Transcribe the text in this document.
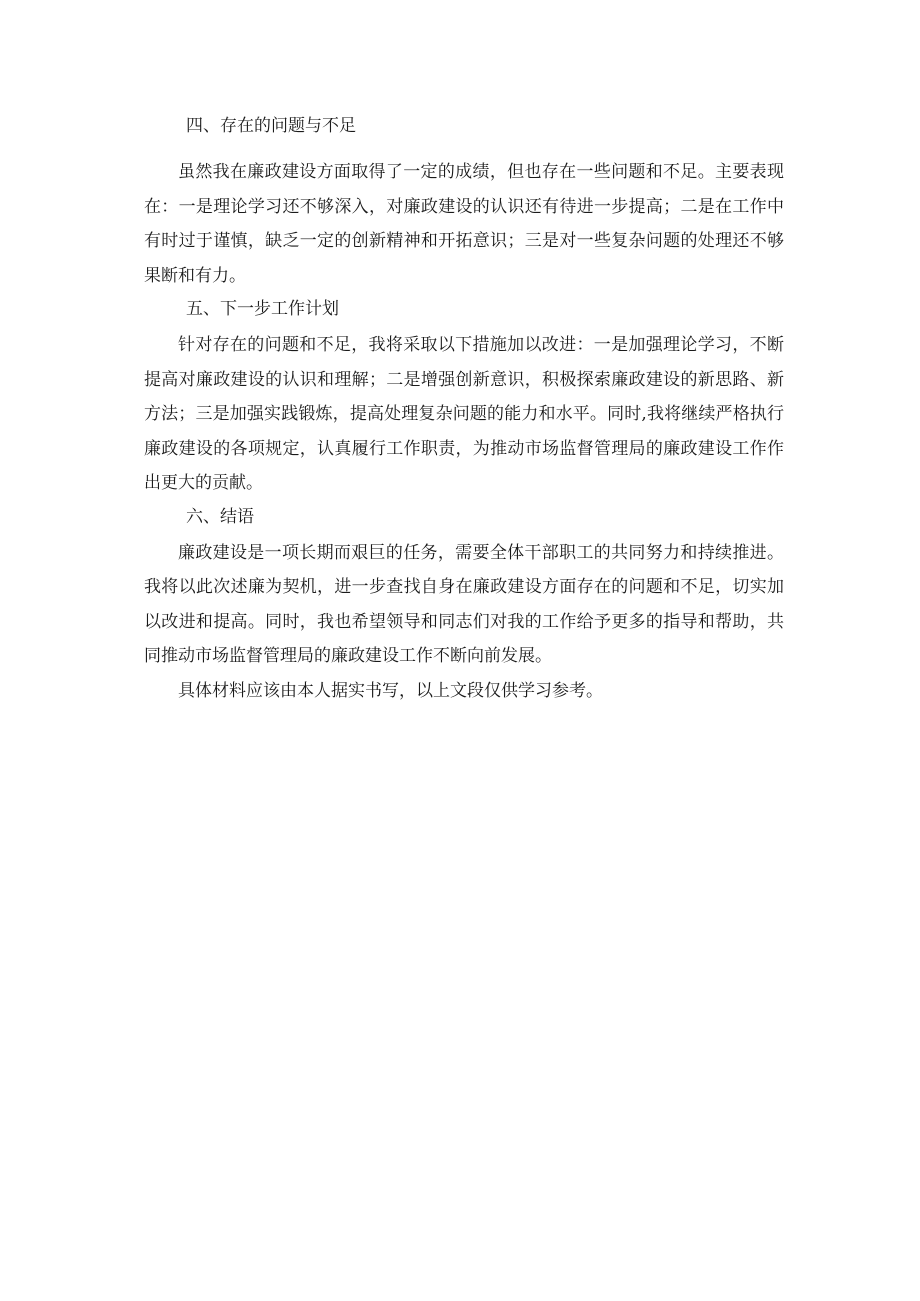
四、存在的问题与不足

虽然我在廉政建设方面取得了一定的成绩，但也存在一些问题和不足。主要表现在：一是理论学习还不够深入，对廉政建设的认识还有待进一步提高；二是在工作中有时过于谨慎，缺乏一定的创新精神和开拓意识；三是对一些复杂问题的处理还不够果断和有力。

五、下一步工作计划

针对存在的问题和不足，我将采取以下措施加以改进：一是加强理论学习，不断提高对廉政建设的认识和理解；二是增强创新意识，积极探索廉政建设的新思路、新方法；三是加强实践锻炼，提高处理复杂问题的能力和水平。同时,我将继续严格执行廉政建设的各项规定，认真履行工作职责，为推动市场监督管理局的廉政建设工作作出更大的贡献。

六、结语

廉政建设是一项长期而艰巨的任务，需要全体干部职工的共同努力和持续推进。我将以此次述廉为契机，进一步查找自身在廉政建设方面存在的问题和不足，切实加以改进和提高。同时，我也希望领导和同志们对我的工作给予更多的指导和帮助，共同推动市场监督管理局的廉政建设工作不断向前发展。

具体材料应该由本人据实书写，以上文段仅供学习参考。
